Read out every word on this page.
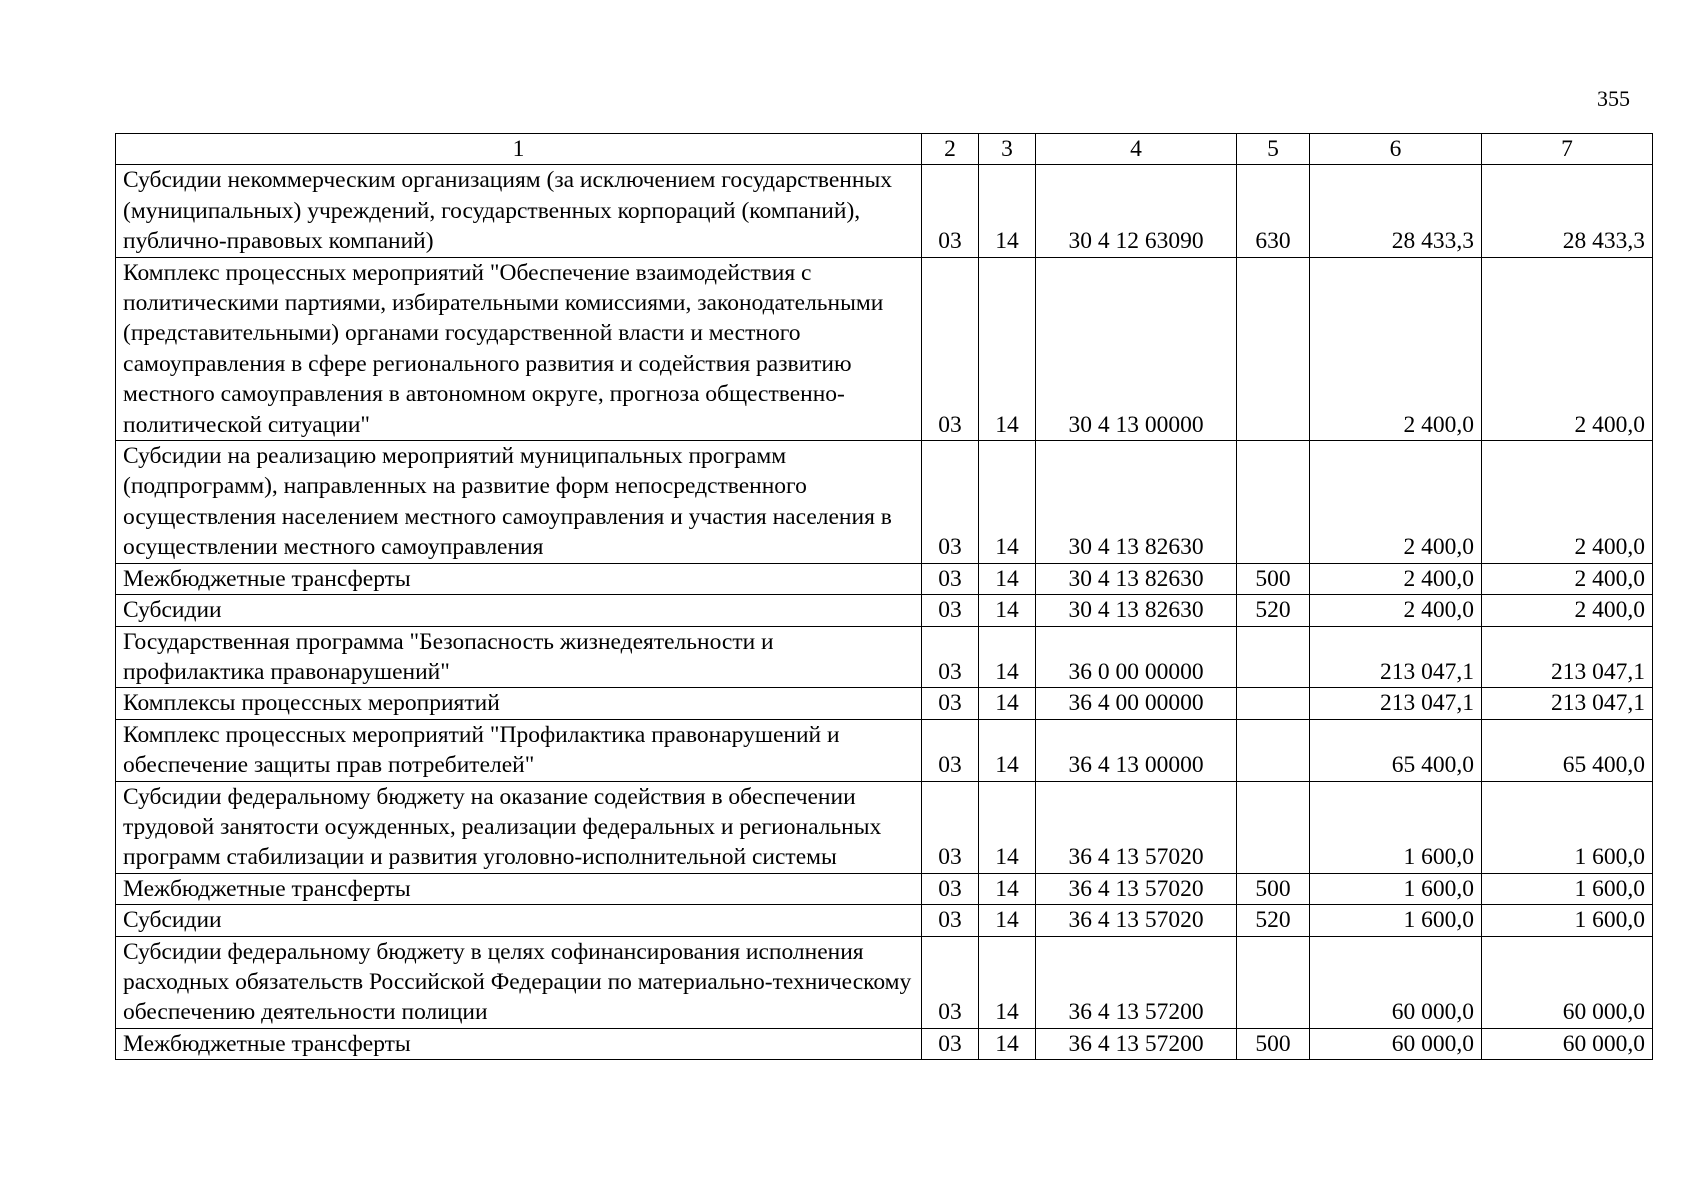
355
1	2	3	4	5	6	7
Субсидии некоммерческим организациям (за исключением государственных (муниципальных) учреждений, государственных корпораций (компаний), публично-правовых компаний)	03	14	30 4 12 63090	630	28 433,3	28 433,3
Комплекс процессных мероприятий "Обеспечение взаимодействия с политическими партиями, избирательными комиссиями, законодательными (представительными) органами государственной власти и местного самоуправления в сфере регионального развития и содействия развитию местного самоуправления в автономном округе, прогноза общественно-политической ситуации"	03	14	30 4 13 00000		2 400,0	2 400,0
Субсидии на реализацию мероприятий муниципальных программ (подпрограмм), направленных на развитие форм непосредственного осуществления населением местного самоуправления и участия населения в осуществлении местного самоуправления	03	14	30 4 13 82630		2 400,0	2 400,0
Межбюджетные трансферты	03	14	30 4 13 82630	500	2 400,0	2 400,0
Субсидии	03	14	30 4 13 82630	520	2 400,0	2 400,0
Государственная программа "Безопасность жизнедеятельности и профилактика правонарушений"	03	14	36 0 00 00000		213 047,1	213 047,1
Комплексы процессных мероприятий	03	14	36 4 00 00000		213 047,1	213 047,1
Комплекс процессных мероприятий "Профилактика правонарушений и обеспечение защиты прав потребителей"	03	14	36 4 13 00000		65 400,0	65 400,0
Субсидии федеральному бюджету на оказание содействия в обеспечении трудовой занятости осужденных, реализации федеральных и региональных программ стабилизации и развития уголовно-исполнительной системы	03	14	36 4 13 57020		1 600,0	1 600,0
Межбюджетные трансферты	03	14	36 4 13 57020	500	1 600,0	1 600,0
Субсидии	03	14	36 4 13 57020	520	1 600,0	1 600,0
Субсидии федеральному бюджету в целях софинансирования исполнения расходных обязательств Российской Федерации по материально-техническому обеспечению деятельности полиции	03	14	36 4 13 57200		60 000,0	60 000,0
Межбюджетные трансферты	03	14	36 4 13 57200	500	60 000,0	60 000,0
